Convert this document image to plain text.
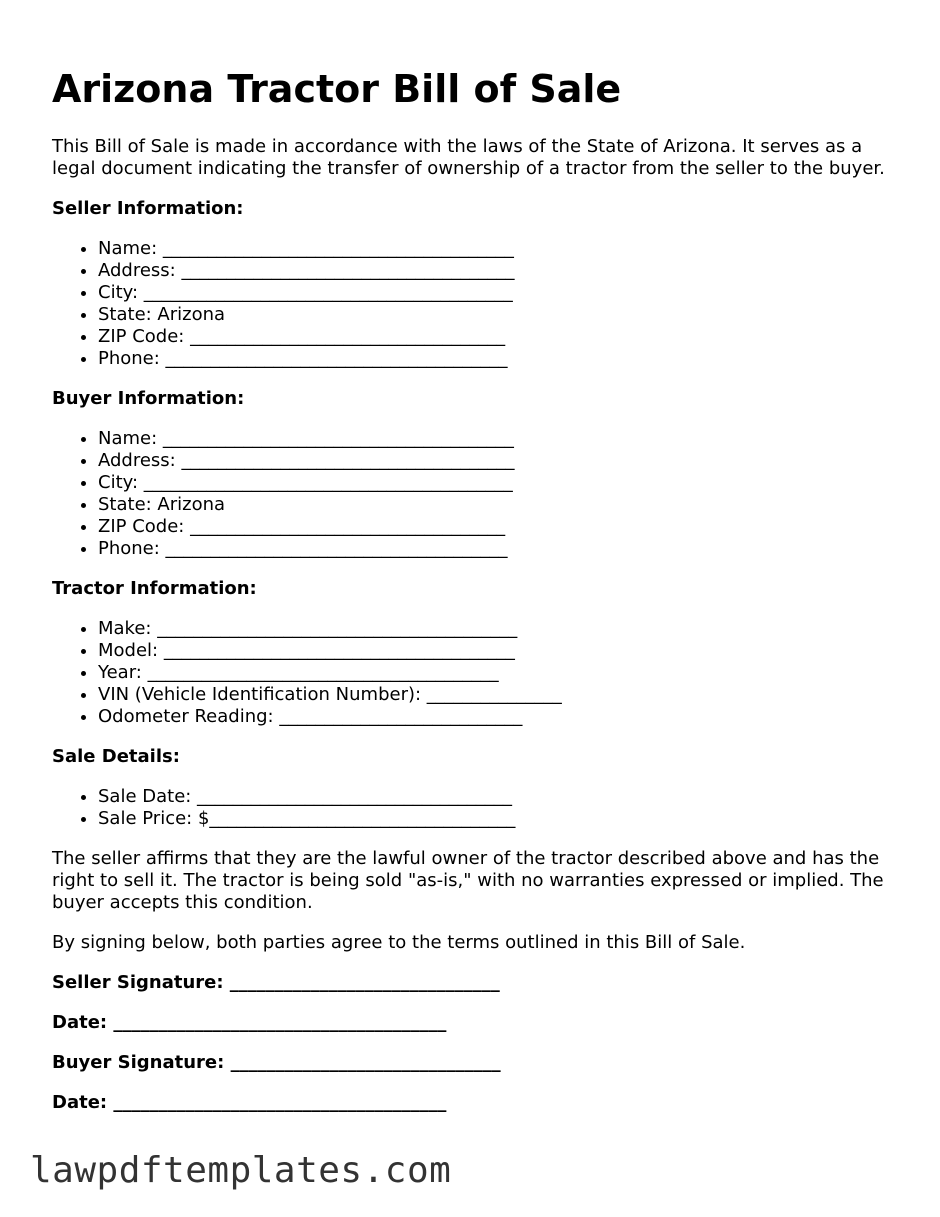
Arizona Tractor Bill of Sale

This Bill of Sale is made in accordance with the laws of the State of Arizona. It serves as a legal document indicating the transfer of ownership of a tractor from the seller to the buyer.

Seller Information:
• Name: _______________________________________
• Address: _____________________________________
• City: _________________________________________
• State: Arizona
• ZIP Code: ___________________________________
• Phone: ______________________________________
Buyer Information:
• Name: _______________________________________
• Address: _____________________________________
• City: _________________________________________
• State: Arizona
• ZIP Code: ___________________________________
• Phone: ______________________________________
Tractor Information:
• Make: ________________________________________
• Model: _______________________________________
• Year: _______________________________________
• VIN (Vehicle Identification Number): _______________
• Odometer Reading: ___________________________
Sale Details:
• Sale Date: ___________________________________
• Sale Price: $__________________________________

The seller affirms that they are the lawful owner of the tractor described above and has the right to sell it. The tractor is being sold "as-is," with no warranties expressed or implied. The buyer accepts this condition.

By signing below, both parties agree to the terms outlined in this Bill of Sale.

Seller Signature: ______________________________
Date: _____________________________________
Buyer Signature: ______________________________
Date: _____________________________________
lawpdftemplates.com
